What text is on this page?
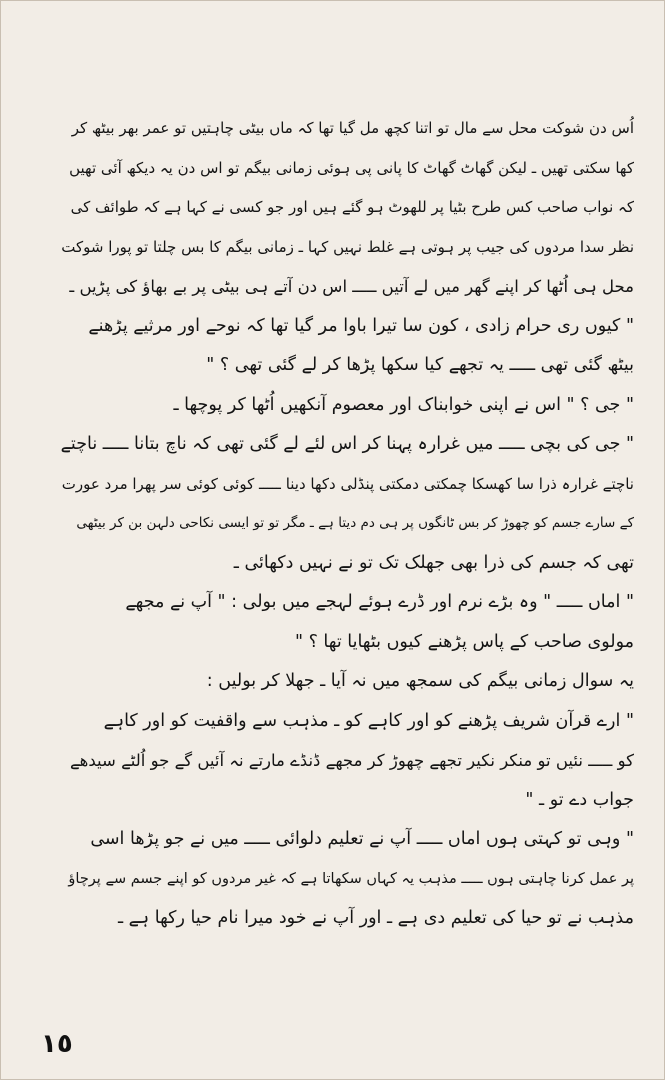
اُس دن شوکت محل سے مال تو اتنا کچھ مل گیا تھا کہ ماں بیٹی چاہتیں تو عمر بھر بیٹھ کر
کھا سکتی تھیں ـ لیکن گھاٹ گھاٹ کا پانی پی ہوئی زمانی بیگم تو اس دن یہ دیکھ آئی تھیں
کہ نواب صاحب کس طرح بٹیا پر للھوٹ ہو گئے ہیں اور جو کسی نے کہا ہے کہ طوائف کی
نظر سدا مردوں کی جیب پر ہوتی ہے غلط نہیں کہا ـ زمانی بیگم کا بس چلتا تو پورا شوکت
محل ہی اُٹھا کر اپنے گھر میں لے آتیں ـــــ اس دن آتے ہی بیٹی پر بے بھاؤ کی پڑیں ـ
" کیوں ری حرام زادی ، کون سا تیرا باوا مر گیا تھا کہ نوحے اور مرثیے پڑھنے
بیٹھ گئی تھی ـــــ یہ تجھے کیا سکھا پڑھا کر لے گئی تھی ؟ "
" جی ؟ " اس نے اپنی خوابناک اور معصوم آنکھیں اُٹھا کر پوچھا ـ
" جی کی بچی ـــــ میں غرارہ پہنا کر اس لئے لے گئی تھی کہ ناچ بتانا ـــــ ناچتے
ناچتے غرارہ ذرا سا کھسکا چمکتی دمکتی پنڈلی دکھا دینا ـــــ کوئی کوئی سر پھرا مرد عورت
کے سارے جسم کو چھوڑ کر بس ٹانگوں پر ہی دم دیتا ہے ـ مگر تو تو ایسی نکاحی دلہن بن کر بیٹھی
تھی کہ جسم کی ذرا بھی جھلک تک تو نے نہیں دکھائی ـ
" اماں ـــــ " وہ بڑے نرم اور ڈرے ہوئے لہجے میں بولی : " آپ نے مجھے
مولوی صاحب کے پاس پڑھنے کیوں بٹھایا تھا ؟ "
یہ سوال زمانی بیگم کی سمجھ میں نہ آیا ـ جھلا کر بولیں :
" ارے قرآن شریف پڑھنے کو اور کاہے کو ـ مذہب سے واقفیت کو اور کاہے
کو ـــــ نئیں تو منکر نکیر تجھے چھوڑ کر مجھے ڈنڈے مارتے نہ آئیں گے جو اُلٹے سیدھے
جواب دے تو ـ "
" وہی تو کہتی ہوں اماں ـــــ آپ نے تعلیم دلوائی ـــــ میں نے جو پڑھا اسی
پر عمل کرنا چاہتی ہوں ـــــ مذہب یہ کہاں سکھاتا ہے کہ غیر مردوں کو اپنے جسم سے پرچاؤ
مذہب نے تو حیا کی تعلیم دی ہے ـ اور آپ نے خود میرا نام حیا رکھا ہے ـ
١٥
